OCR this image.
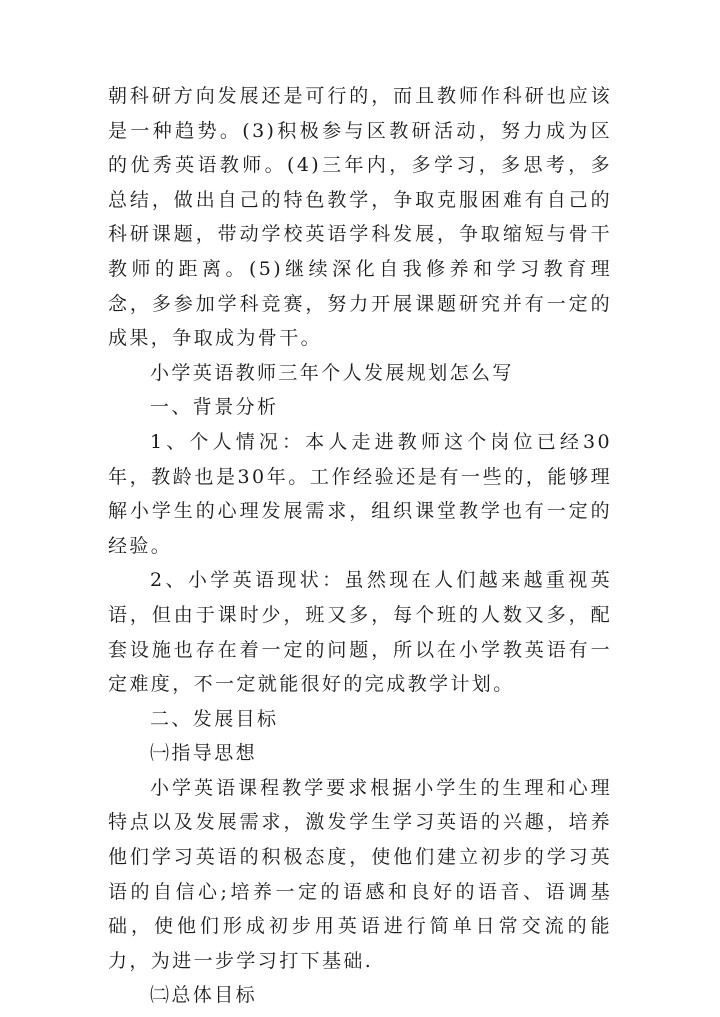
朝科研方向发展还是可行的，而且教师作科研也应该是一种趋势。(3)积极参与区教研活动，努力成为区的优秀英语教师。(4)三年内，多学习，多思考，多总结，做出自己的特色教学，争取克服困难有自己的科研课题，带动学校英语学科发展，争取缩短与骨干教师的距离。(5)继续深化自我修养和学习教育理念，多参加学科竞赛，努力开展课题研究并有一定的成果，争取成为骨干。

小学英语教师三年个人发展规划怎么写

一、背景分析

1、个人情况：本人走进教师这个岗位已经30年，教龄也是30年。工作经验还是有一些的，能够理解小学生的心理发展需求，组织课堂教学也有一定的经验。

2、小学英语现状：虽然现在人们越来越重视英语，但由于课时少，班又多，每个班的人数又多，配套设施也存在着一定的问题，所以在小学教英语有一定难度，不一定就能很好的完成教学计划。

二、发展目标

㈠指导思想

小学英语课程教学要求根据小学生的生理和心理特点以及发展需求，激发学生学习英语的兴趣，培养他们学习英语的积极态度，使他们建立初步的学习英语的自信心;培养一定的语感和良好的语音、语调基础，使他们形成初步用英语进行简单日常交流的能力，为进一步学习打下基础.

㈡总体目标
